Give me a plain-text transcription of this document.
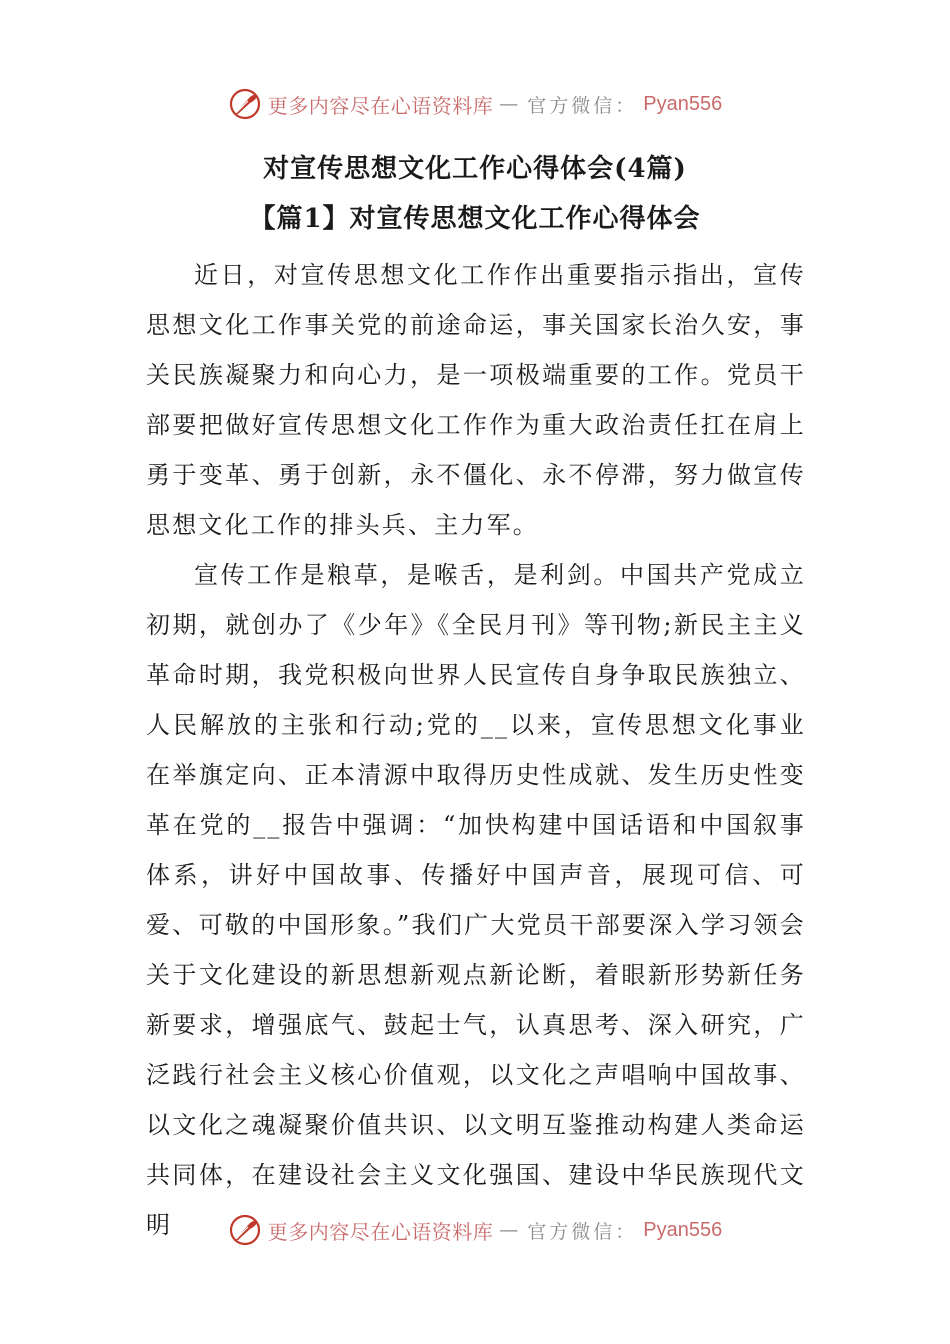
更多内容尽在心语资料库 — 官方微信： Pyan556
对宣传思想文化工作心得体会(4篇)
【篇1】对宣传思想文化工作心得体会

近日，对宣传思想文化工作作出重要指示指出，宣传思想文化工作事关党的前途命运，事关国家长治久安，事关民族凝聚力和向心力，是一项极端重要的工作。党员干部要把做好宣传思想文化工作作为重大政治责任扛在肩上勇于变革、勇于创新，永不僵化、永不停滞，努力做宣传思想文化工作的排头兵、主力军。

宣传工作是粮草，是喉舌，是利剑。中国共产党成立初期，就创办了《少年》《全民月刊》等刊物;新民主主义革命时期，我党积极向世界人民宣传自身争取民族独立、人民解放的主张和行动;党的__以来，宣传思想文化事业在举旗定向、正本清源中取得历史性成就、发生历史性变革在党的__报告中强调：“加快构建中国话语和中国叙事体系，讲好中国故事、传播好中国声音，展现可信、可爱、可敬的中国形象。”我们广大党员干部要深入学习领会关于文化建设的新思想新观点新论断，着眼新形势新任务新要求，增强底气、鼓起士气，认真思考、深入研究，广泛践行社会主义核心价值观，以文化之声唱响中国故事、以文化之魂凝聚价值共识、以文明互鉴推动构建人类命运共同体，在建设社会主义文化强国、建设中华民族现代文明	更多内容尽在心语资料库 — 官方微信： Pyan556
